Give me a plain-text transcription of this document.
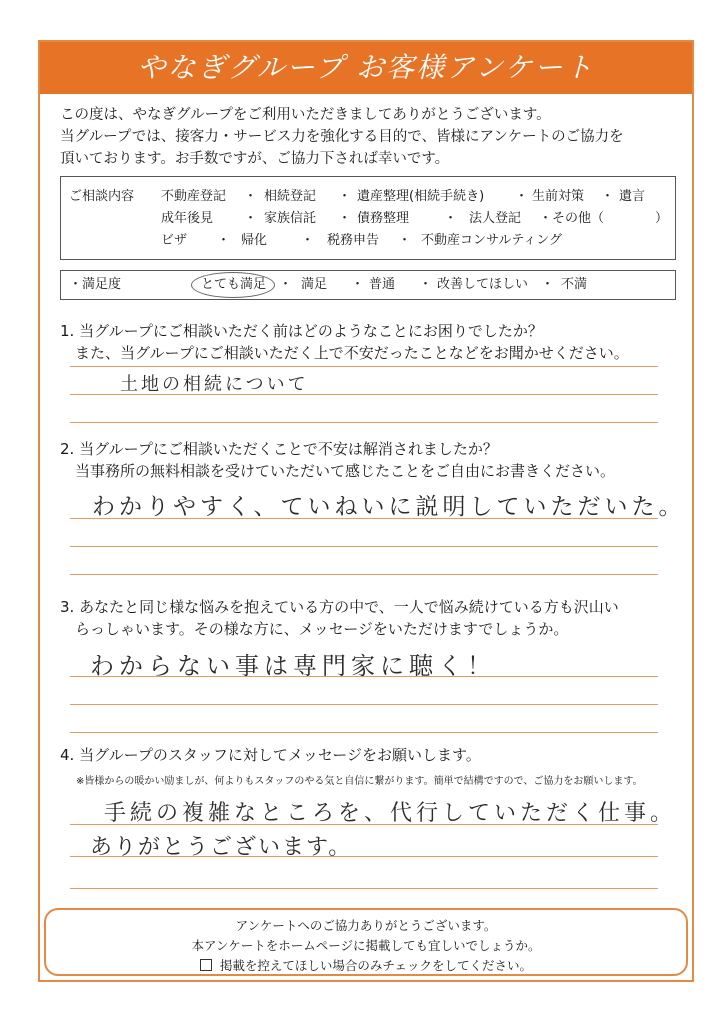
やなぎグループ お客様アンケート
この度は、やなぎグループをご利用いただきましてありがとうございます。
当グループでは、接客力・サービス力を強化する目的で、皆様にアンケートのご協力を
頂いております。お手数ですが、ご協力下されば幸いです。
ご相談内容 不動産登記 ・ 相続登記 ・ 遺産整理(相続手続き) ・ 生前対策 ・ 遺言
成年後見 ・ 家族信託 ・ 債務整理	・ 法人登記 ・その他（	）
ビザ ・ 帰化	・ 税務申告 ・ 不動産コンサルティング
・満足度	とても満足 ・ 満足 ・ 普通 ・ 改善してほしい ・ 不満
1. 当グループにご相談いただく前はどのようなことにお困りでしたか？
　また、当グループにご相談いただく上で不安だったことなどをお聞かせください。
土地の相続について
2. 当グループにご相談いただくことで不安は解消されましたか？
　当事務所の無料相談を受けていただいて感じたことをご自由にお書きください。
わかりやすく、ていねいに説明していただいた。
3. あなたと同じ様な悩みを抱えている方の中で、一人で悩み続けている方も沢山い
　らっしゃいます。その様な方に、メッセージをいただけますでしょうか。
わからない事は専門家に聴く！
4. 当グループのスタッフに対してメッセージをお願いします。
※皆様からの暖かい励ましが、何よりもスタッフのやる気と自信に繋がります。簡単で結構ですので、ご協力をお願いします。
手続の複雑なところを、代行していただく仕事。
ありがとうございます。
アンケートへのご協力ありがとうございます。
本アンケートをホームページに掲載しても宜しいでしょうか。
掲載を控えてほしい場合のみチェックをしてください。
